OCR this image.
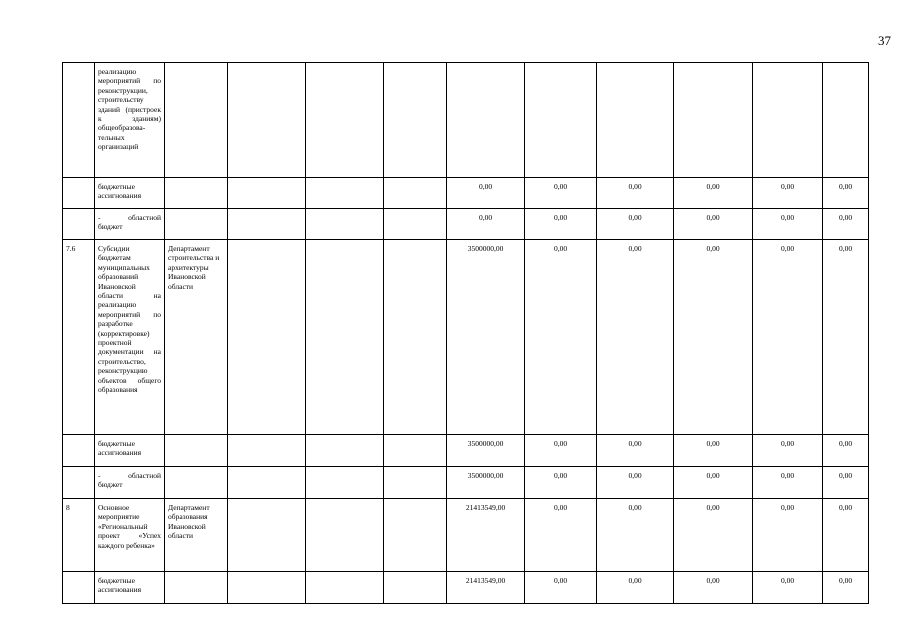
37
	реализацию мероприятий по реконструкции, строительству зданий (пристроек к зданиям) общеобразова-тельных организаций										
	бюджетные ассигнования					0,00	0,00	0,00	0,00	0,00	0,00
	- областной бюджет					0,00	0,00	0,00	0,00	0,00	0,00
7.6	Субсидии бюджетам муниципальных образований Ивановской области на реализацию мероприятий по разработке (корректировке) проектной документации на строительство, реконструкцию объектов общего образования	Департамент строительства и архитектуры Ивановской области				3500000,00	0,00	0,00	0,00	0,00	0,00
	бюджетные ассигнования					3500000,00	0,00	0,00	0,00	0,00	0,00
	- областной бюджет					3500000,00	0,00	0,00	0,00	0,00	0,00
8	Основное мероприятие «Региональный проект «Успех каждого ребенка»	Департамент образования Ивановской области				21413549,00	0,00	0,00	0,00	0,00	0,00
	бюджетные ассигнования					21413549,00	0,00	0,00	0,00	0,00	0,00
